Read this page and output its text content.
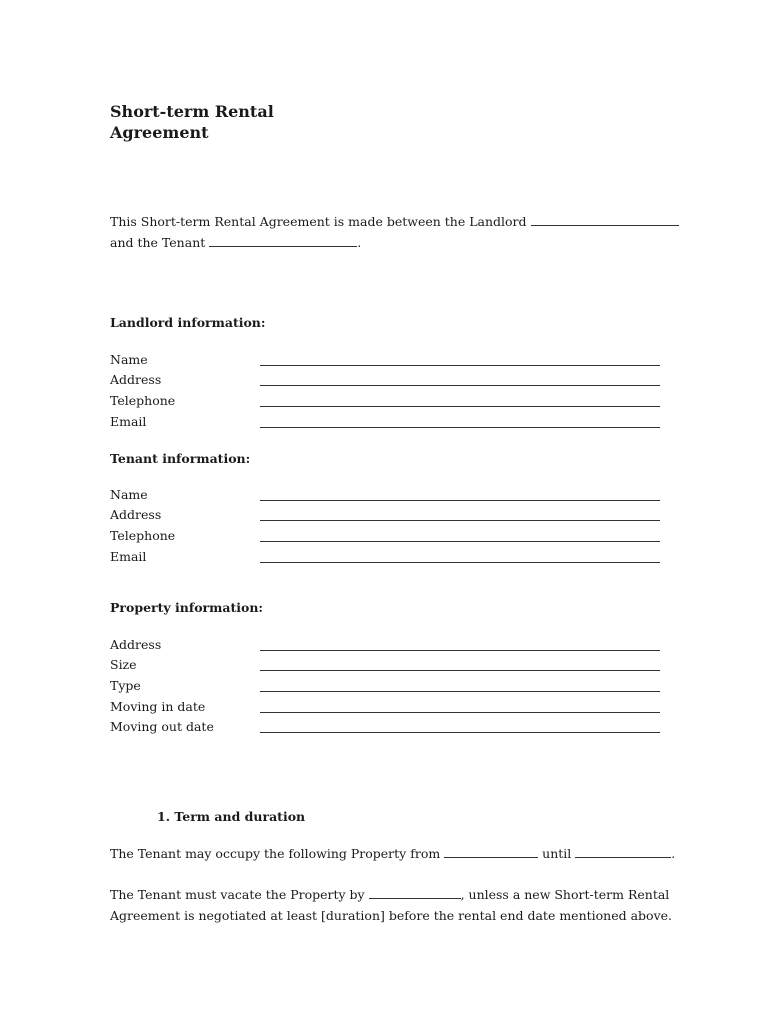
Short-term Rental
Agreement

This Short-term Rental Agreement is made between the Landlord
and the Tenant	.

Landlord information:

Name
Address
Telephone
Email

Tenant information:

Name
Address
Telephone
Email

Property information:

Address
Size
Type
Moving in date
Moving out date

1. Term and duration

The Tenant may occupy the following Property from	until	.

The Tenant must vacate the Property by	, unless a new Short-term Rental
Agreement is negotiated at least [duration] before the rental end date mentioned above.
